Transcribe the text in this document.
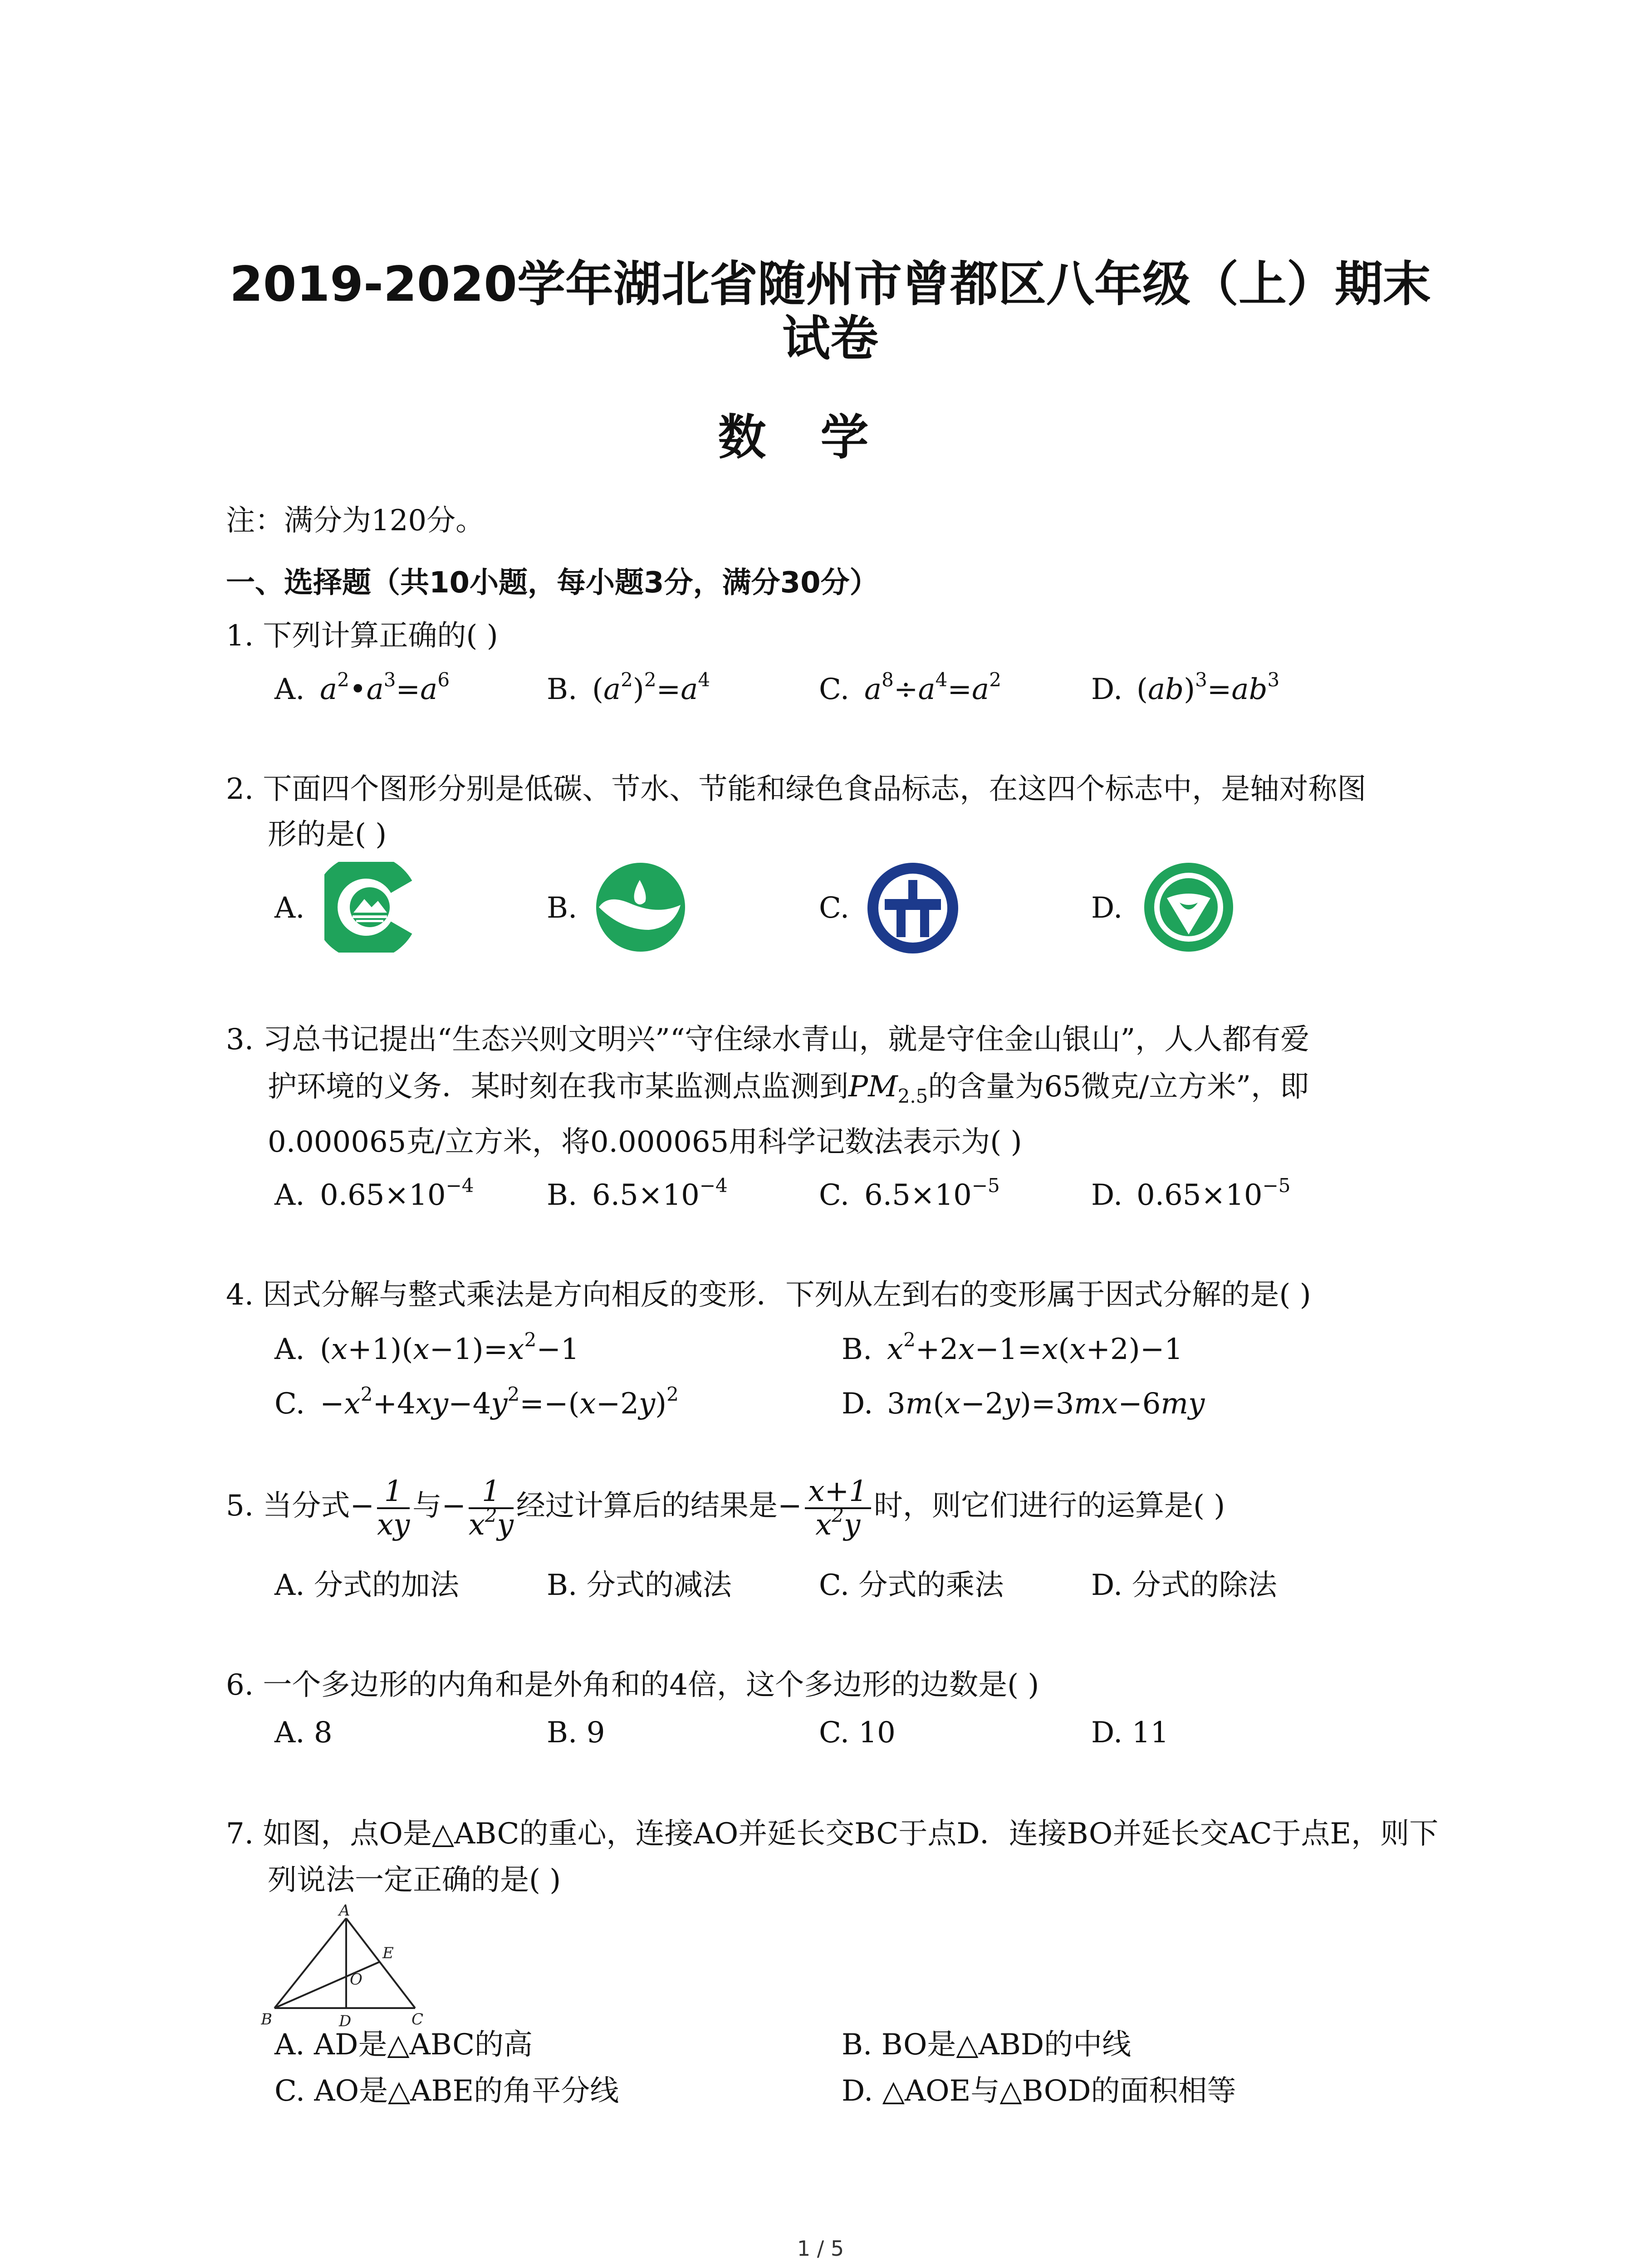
2019-2020学年湖北省随州市曾都区八年级（上）期末
试卷
数学
注：满分为120分。
一、选择题（共10小题，每小题3分，满分30分）
1. 下列计算正确的( )
A. $a^2•a^3=a^6$	B. $(a^2)^2=a^4$	C. $a^8\div a^4=a^2$	D. $(ab)^3=ab^3$
2. 下面四个图形分别是低碳、节水、节能和绿色食品标志，在这四个标志中，是轴对称图
形的是( )
A.	B.	C.	D.
3. 习总书记提出“生态兴则文明兴”“守住绿水青山，就是守住金山银山”，人人都有爱
护环境的义务．某时刻在我市某监测点监测到$PM_{2.5}$的含量为65微克/立方米”，即
0.000065克/立方米，将0.000065用科学记数法表示为( )
A. $0.65\times 10^{-4}$	B. $6.5\times 10^{-4}$	C. $6.5\times 10^{-5}$	D. $0.65\times 10^{-5}$
4. 因式分解与整式乘法是方向相反的变形．下列从左到右的变形属于因式分解的是( )
A. $(x+1)(x-1)=x^2-1$	B. $x^2+2x-1=x(x+2)-1$
C. $-x^2+4xy-4y^2=-(x-2y)^2$	D. 3m(x−2y)=3mx−6my
5. 当分式− $\frac{1}{xy}$ 与− $\frac{1}{x^2y}$ 经过计算后的结果是− $\frac{x+1}{x^2y}$ 时，则它们进行的运算是( )
A. 分式的加法	B. 分式的减法	C. 分式的乘法	D. 分式的除法
6. 一个多边形的内角和是外角和的4倍，这个多边形的边数是( )
A. 8	B. 9	C. 10	D. 11
7. 如图，点O是△ABC的重心，连接AO并延长交BC于点D．连接BO并延长交AC于点E，则下
列说法一定正确的是( )
A
B	C
D
E
O
A. AD是△ABC的高	B. BO是△ABD的中线
C. AO是△ABE的角平分线	D. △AOE与△BOD的面积相等
1 / 5
